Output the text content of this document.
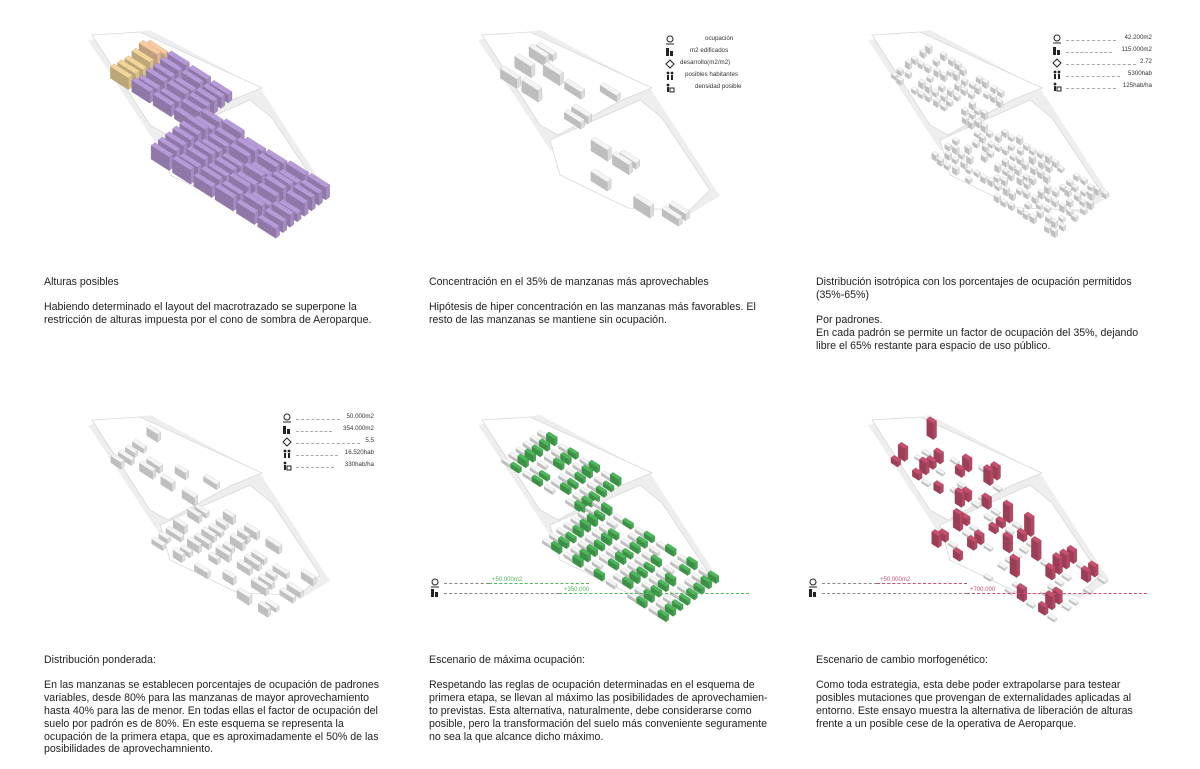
Alturas posibles

Habiendo determinado el layout del macrotrazado se superpone la
restricción de alturas impuesta por el cono de sombra de Aeroparque.

ocupación
m2 edificados
desarrollo(m2/m2)
posibles habitantes
densidad posible

Concentración en el 35% de manzanas más aprovechables

Hipótesis de hiper concentración en las manzanas más favorables. El
resto de las manzanas se mantiene sin ocupación.

42.200m2
115.000m2
2.72
5300hab
125hab/ha

Distribución isotrópica con los porcentajes de ocupación permitidos
(35%-65%)

Por padrones.
En cada padrón se permite un factor de ocupación del 35%, dejando
libre el 65% restante para espacio de uso público.

50.000m2
354.000m2
5.5
16.520hab
330hab/ha

Distribución ponderada:

En las manzanas se establecen porcentajes de ocupación de padrones
variables, desde 80% para las manzanas de mayor aprovechamiento
hasta 40% para las de menor. En todas ellas el factor de ocupación del
suelo por padrón es de 80%. En este esquema se representa la
ocupación de la primera etapa, que es aproximadamente el 50% de las
posibilidades de aprovechamniento.

+50.000m2
+350.000

Escenario de máxima ocupación:

Respetando las reglas de ocupación determinadas en el esquema de
primera etapa, se llevan al máximo las posibilidades de aprovechamien-
to previstas. Esta alternativa, naturalmente, debe considerarse como
posible, pero la transformación del suelo más conveniente seguramente
no sea la que alcance dicho máximo.

+50.000m2
+700.000

Escenario de cambio morfogenético:

Como toda estrategia, esta debe poder extrapolarse para testear
posibles mutaciones que provengan de externalidades aplicadas al
entorno. Este ensayo muestra la alternativa de liberación de alturas
frente a un posible cese de la operativa de Aeroparque.
